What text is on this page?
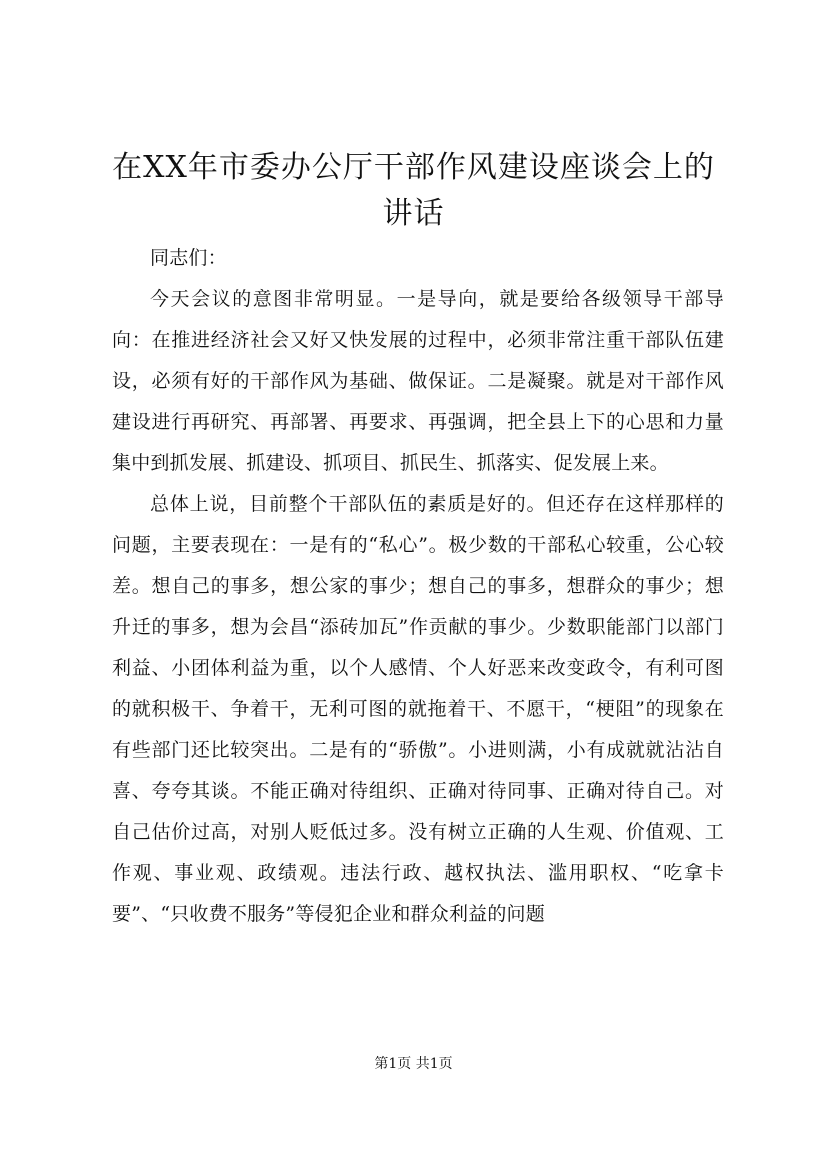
在XX年市委办公厅干部作风建设座谈会上的
讲话

同志们：

今天会议的意图非常明显。一是导向，就是要给各级领导干部导向：在推进经济社会又好又快发展的过程中，必须非常注重干部队伍建设，必须有好的干部作风为基础、做保证。二是凝聚。就是对干部作风建设进行再研究、再部署、再要求、再强调，把全县上下的心思和力量集中到抓发展、抓建设、抓项目、抓民生、抓落实、促发展上来。

总体上说，目前整个干部队伍的素质是好的。但还存在这样那样的问题，主要表现在：一是有的“私心”。极少数的干部私心较重，公心较差。想自己的事多，想公家的事少；想自己的事多，想群众的事少；想升迁的事多，想为会昌“添砖加瓦”作贡献的事少。少数职能部门以部门利益、小团体利益为重，以个人感情、个人好恶来改变政令，有利可图的就积极干、争着干，无利可图的就拖着干、不愿干，“梗阻”的现象在有些部门还比较突出。二是有的“骄傲”。小进则满，小有成就就沾沾自喜、夸夸其谈。不能正确对待组织、正确对待同事、正确对待自己。对自己估价过高，对别人贬低过多。没有树立正确的人生观、价值观、工作观、事业观、政绩观。违法行政、越权执法、滥用职权、“吃拿卡要”、“只收费不服务”等侵犯企业和群众利益的问题

第1页 共1页
